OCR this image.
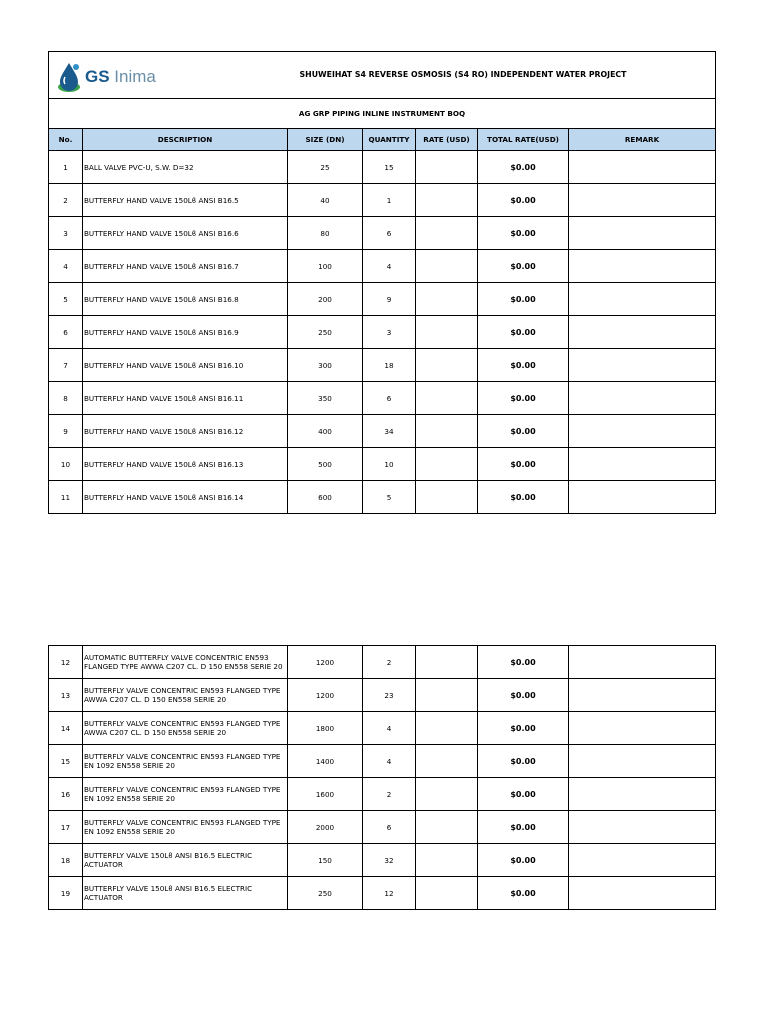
GS Inima SHUWEIHAT S4 REVERSE OSMOSIS (S4 RO) INDEPENDENT WATER PROJECT						

AG GRP PIPING INLINE INSTRUMENT BOQ						
No.	DESCRIPTION	SIZE (DN)	QUANTITY	RATE (USD)	TOTAL RATE(USD)	REMARK
1	BALL VALVE PVC-U, S.W. D=32	25	15		$0.00	
2	BUTTERFLY HAND VALVE 150Lϐ ANSI B16.5	40	1		$0.00	
3	BUTTERFLY HAND VALVE 150Lϐ ANSI B16.6	80	6		$0.00	
4	BUTTERFLY HAND VALVE 150Lϐ ANSI B16.7	100	4		$0.00	
5	BUTTERFLY HAND VALVE 150Lϐ ANSI B16.8	200	9		$0.00	
6	BUTTERFLY HAND VALVE 150Lϐ ANSI B16.9	250	3		$0.00	
7	BUTTERFLY HAND VALVE 150Lϐ ANSI B16.10	300	18		$0.00	
8	BUTTERFLY HAND VALVE 150Lϐ ANSI B16.11	350	6		$0.00	
9	BUTTERFLY HAND VALVE 150Lϐ ANSI B16.12	400	34		$0.00	
10	BUTTERFLY HAND VALVE 150Lϐ ANSI B16.13	500	10		$0.00	
11	BUTTERFLY HAND VALVE 150Lϐ ANSI B16.14	600	5		$0.00	
12	AUTOMATIC BUTTERFLY VALVE CONCENTRIC EN593 FLANGED TYPE AWWA C207 CL. D 150 EN558 SERIE 20	1200	2		$0.00	
13	BUTTERFLY VALVE CONCENTRIC EN593 FLANGED TYPE AWWA C207 CL. D 150 EN558 SERIE 20	1200	23		$0.00	
14	BUTTERFLY VALVE CONCENTRIC EN593 FLANGED TYPE AWWA C207 CL. D 150 EN558 SERIE 20	1800	4		$0.00	
15	BUTTERFLY VALVE CONCENTRIC EN593 FLANGED TYPE EN 1092 EN558 SERIE 20	1400	4		$0.00	
16	BUTTERFLY VALVE CONCENTRIC EN593 FLANGED TYPE EN 1092 EN558 SERIE 20	1600	2		$0.00	
17	BUTTERFLY VALVE CONCENTRIC EN593 FLANGED TYPE EN 1092 EN558 SERIE 20	2000	6		$0.00	
18	BUTTERFLY VALVE 150Lϐ ANSI B16.5 ELECTRIC ACTUATOR	150	32		$0.00	
19	BUTTERFLY VALVE 150Lϐ ANSI B16.5 ELECTRIC ACTUATOR	250	12		$0.00	
